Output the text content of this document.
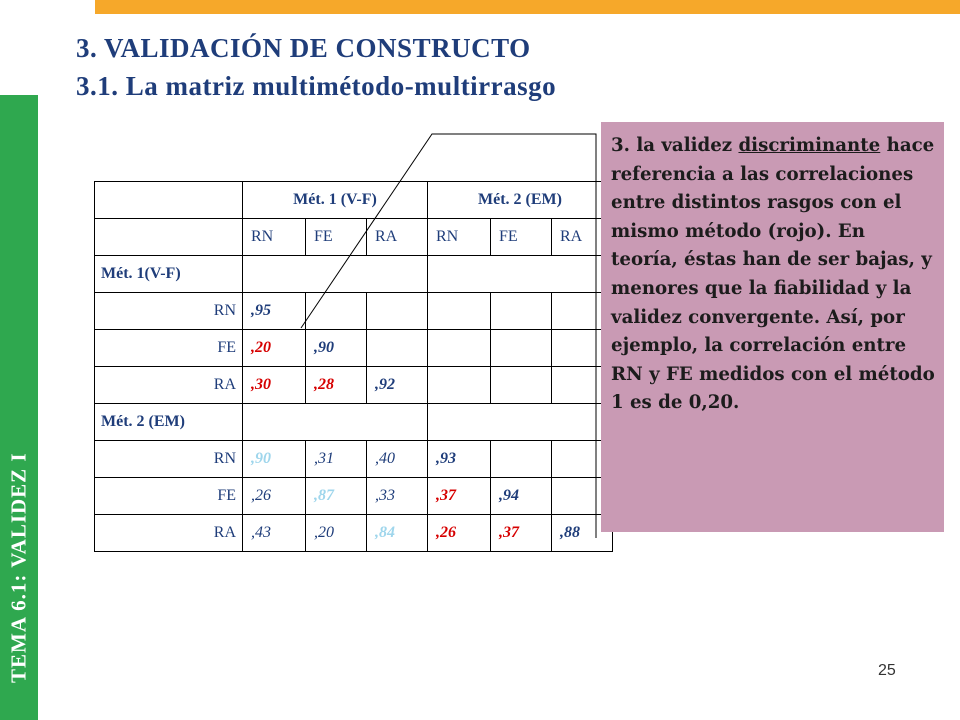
TEMA 6.1: VALIDEZ I
3. VALIDACIÓN DE CONSTRUCTO
3.1. La matriz multimétodo-multirrasgo
	Mét. 1 (V-F)			Mét. 2 (EM)		
	RN	FE	RA	RN	FE	RA
Mét. 1(V-F)						
RN	,95					
FE	,20	,90				
RA	,30	,28	,92			
Mét. 2 (EM)						
RN	,90	,31	,40	,93		
FE	,26	,87	,33	,37	,94	
RA	,43	,20	,84	,26	,37	,88

3. la validez discriminante hace referencia a las correlaciones entre distintos rasgos con el mismo método (rojo). En teoría, éstas han de ser bajas, y menores que la fiabilidad y la validez convergente. Así, por ejemplo, la correlación entre RN y FE medidos con el método 1 es de 0,20.

25
